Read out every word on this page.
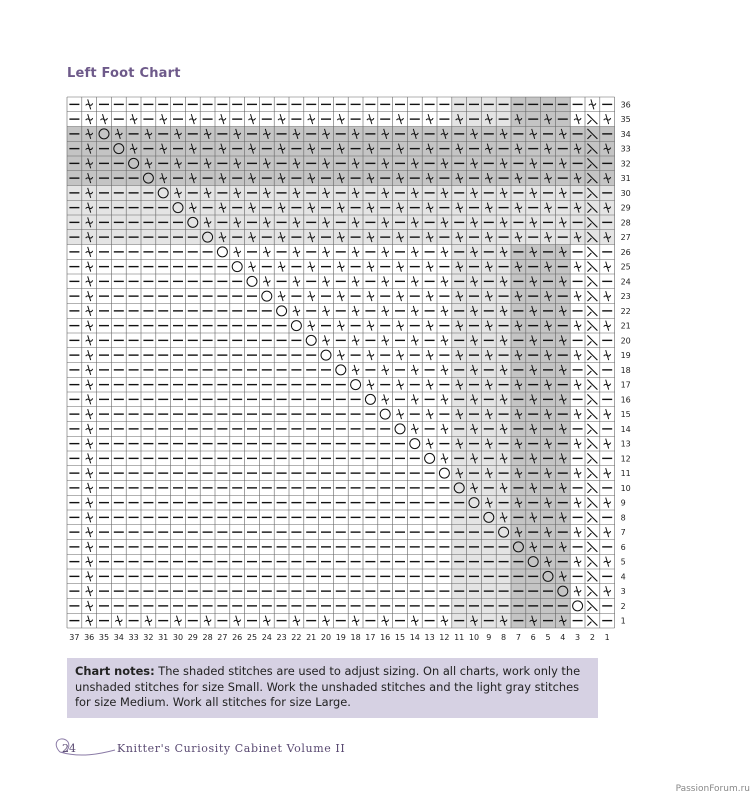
Left Foot Chart
36
35
34
33
32
31
30
29
28
27
26
25
24
23
22
21
20
19
18
17
16
15
14
13
12
11
10
9
8
7
6
5
4
3
2
1
37 36 35 34 33 32 31 30 29 28 27 26 25 24 23 22 21 20 19 18 17 16 15 14 13 12 11 10 9 8 7 6 5 4 3 2 1
Chart notes: The shaded stitches are used to adjust sizing. On all charts, work only the unshaded stitches for size Small. Work the unshaded stitches and the light gray stitches for size Medium. Work all stitches for size Large.
24	Knitter's Curiosity Cabinet Volume II
PassionForum.ru
